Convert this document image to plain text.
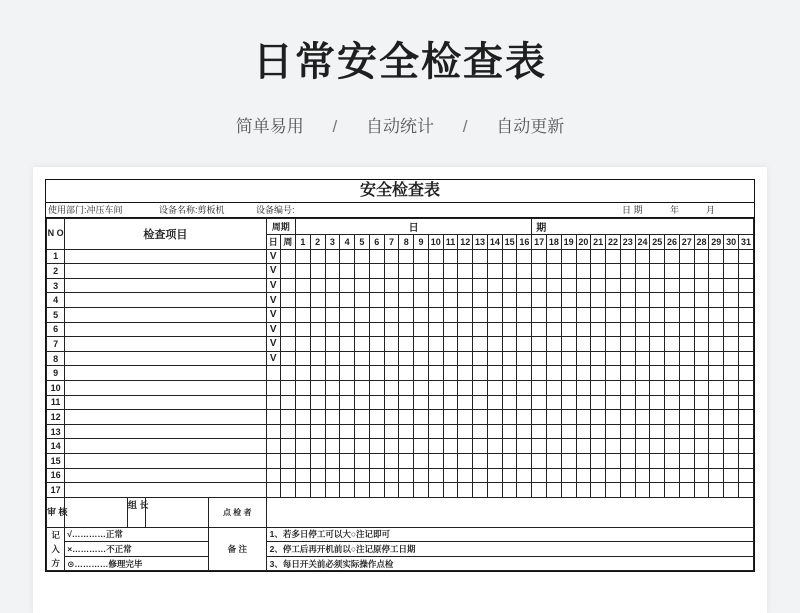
日常安全检查表
简单易用 / 自动统计 / 自动更新
安全检查表
使用部门:冲压车间	设备名称:剪板机	设备编号:	日 期	年	月
N O	检查项目			周期		日																期														
				日	周	1	2	3	4	5	6	7	8	9	10	11	12	13	14	15	16	17	18	19	20	21	22	23	24	25	26	27	28	29	30	31
1				V																																
2				V																																
3				V																																
4				V																																
5				V																																
6				V																																
7				V																																
8				V																																
9																																				
10																																				
11																																				
12																																				
13																																				
14																																				
15																																				
16																																				
17																																				
审 核		组 长	点 检 者																																	
记 入 方	√…………正常		备 注	1、若多日停工可以大○注记即可																																
	×…………不正常			2、停工后再开机前以○注记原停工日期																																
	⊙…………修理完毕			3、每日开关前必须实际操作点检																																
